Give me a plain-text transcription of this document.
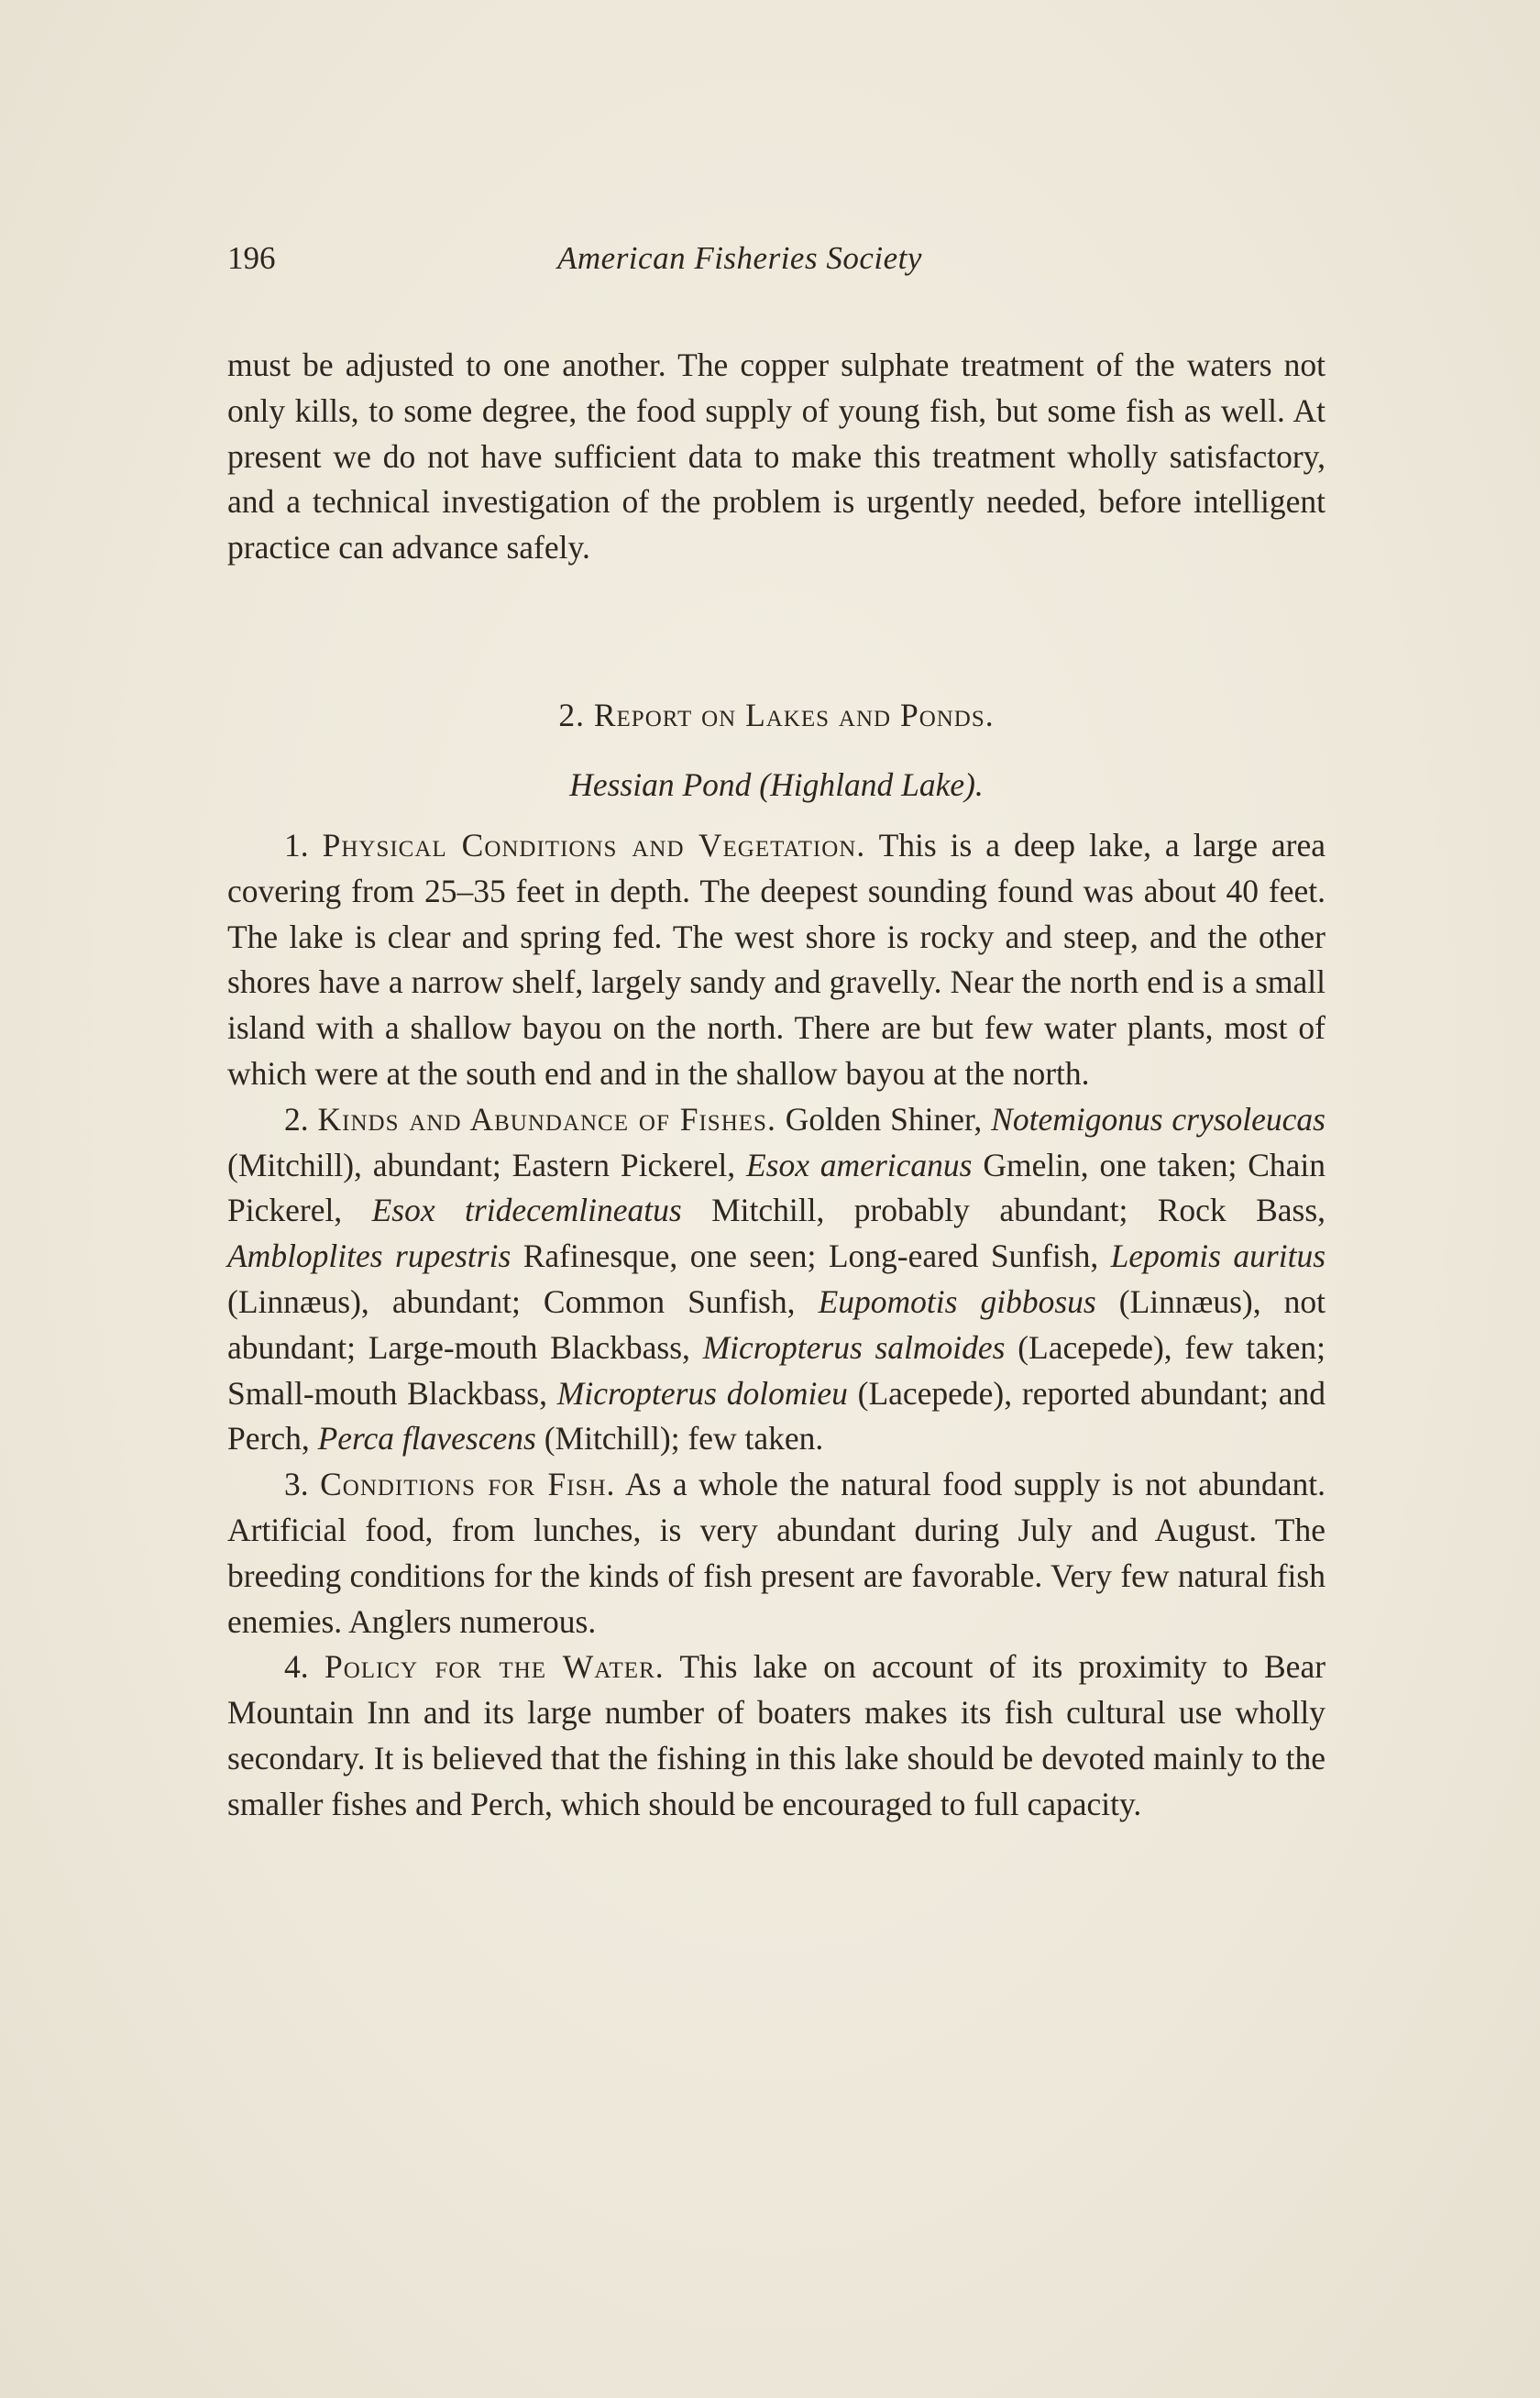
196	American Fisheries Society

must be adjusted to one another. The copper sulphate treatment of the waters not only kills, to some degree, the food supply of young fish, but some fish as well. At present we do not have sufficient data to make this treatment wholly satisfactory, and a technical investigation of the problem is urgently needed, before intelligent practice can advance safely.

2. Report on Lakes and Ponds.

Hessian Pond (Highland Lake).

1. Physical Conditions and Vegetation. This is a deep lake, a large area covering from 25–35 feet in depth. The deepest sounding found was about 40 feet. The lake is clear and spring fed. The west shore is rocky and steep, and the other shores have a narrow shelf, largely sandy and gravelly. Near the north end is a small island with a shallow bayou on the north. There are but few water plants, most of which were at the south end and in the shallow bayou at the north.

2. Kinds and Abundance of Fishes. Golden Shiner, Notemigonus crysoleucas (Mitchill), abundant; Eastern Pickerel, Esox americanus Gmelin, one taken; Chain Pickerel, Esox tridecemlineatus Mitchill, probably abundant; Rock Bass, Ambloplites rupestris Rafinesque, one seen; Long-eared Sunfish, Lepomis auritus (Linnæus), abundant; Common Sunfish, Eupomotis gibbosus (Linnæus), not abundant; Large-mouth Blackbass, Micropterus salmoides (Lacepede), few taken; Small-mouth Blackbass, Micropterus dolomieu (Lacepede), reported abundant; and Perch, Perca flavescens (Mitchill); few taken.

3. Conditions for Fish. As a whole the natural food supply is not abundant. Artificial food, from lunches, is very abundant during July and August. The breeding conditions for the kinds of fish present are favorable. Very few natural fish enemies. Anglers numerous.

4. Policy for the Water. This lake on account of its proximity to Bear Mountain Inn and its large number of boaters makes its fish cultural use wholly secondary. It is believed that the fishing in this lake should be devoted mainly to the smaller fishes and Perch, which should be encouraged to full capacity.
